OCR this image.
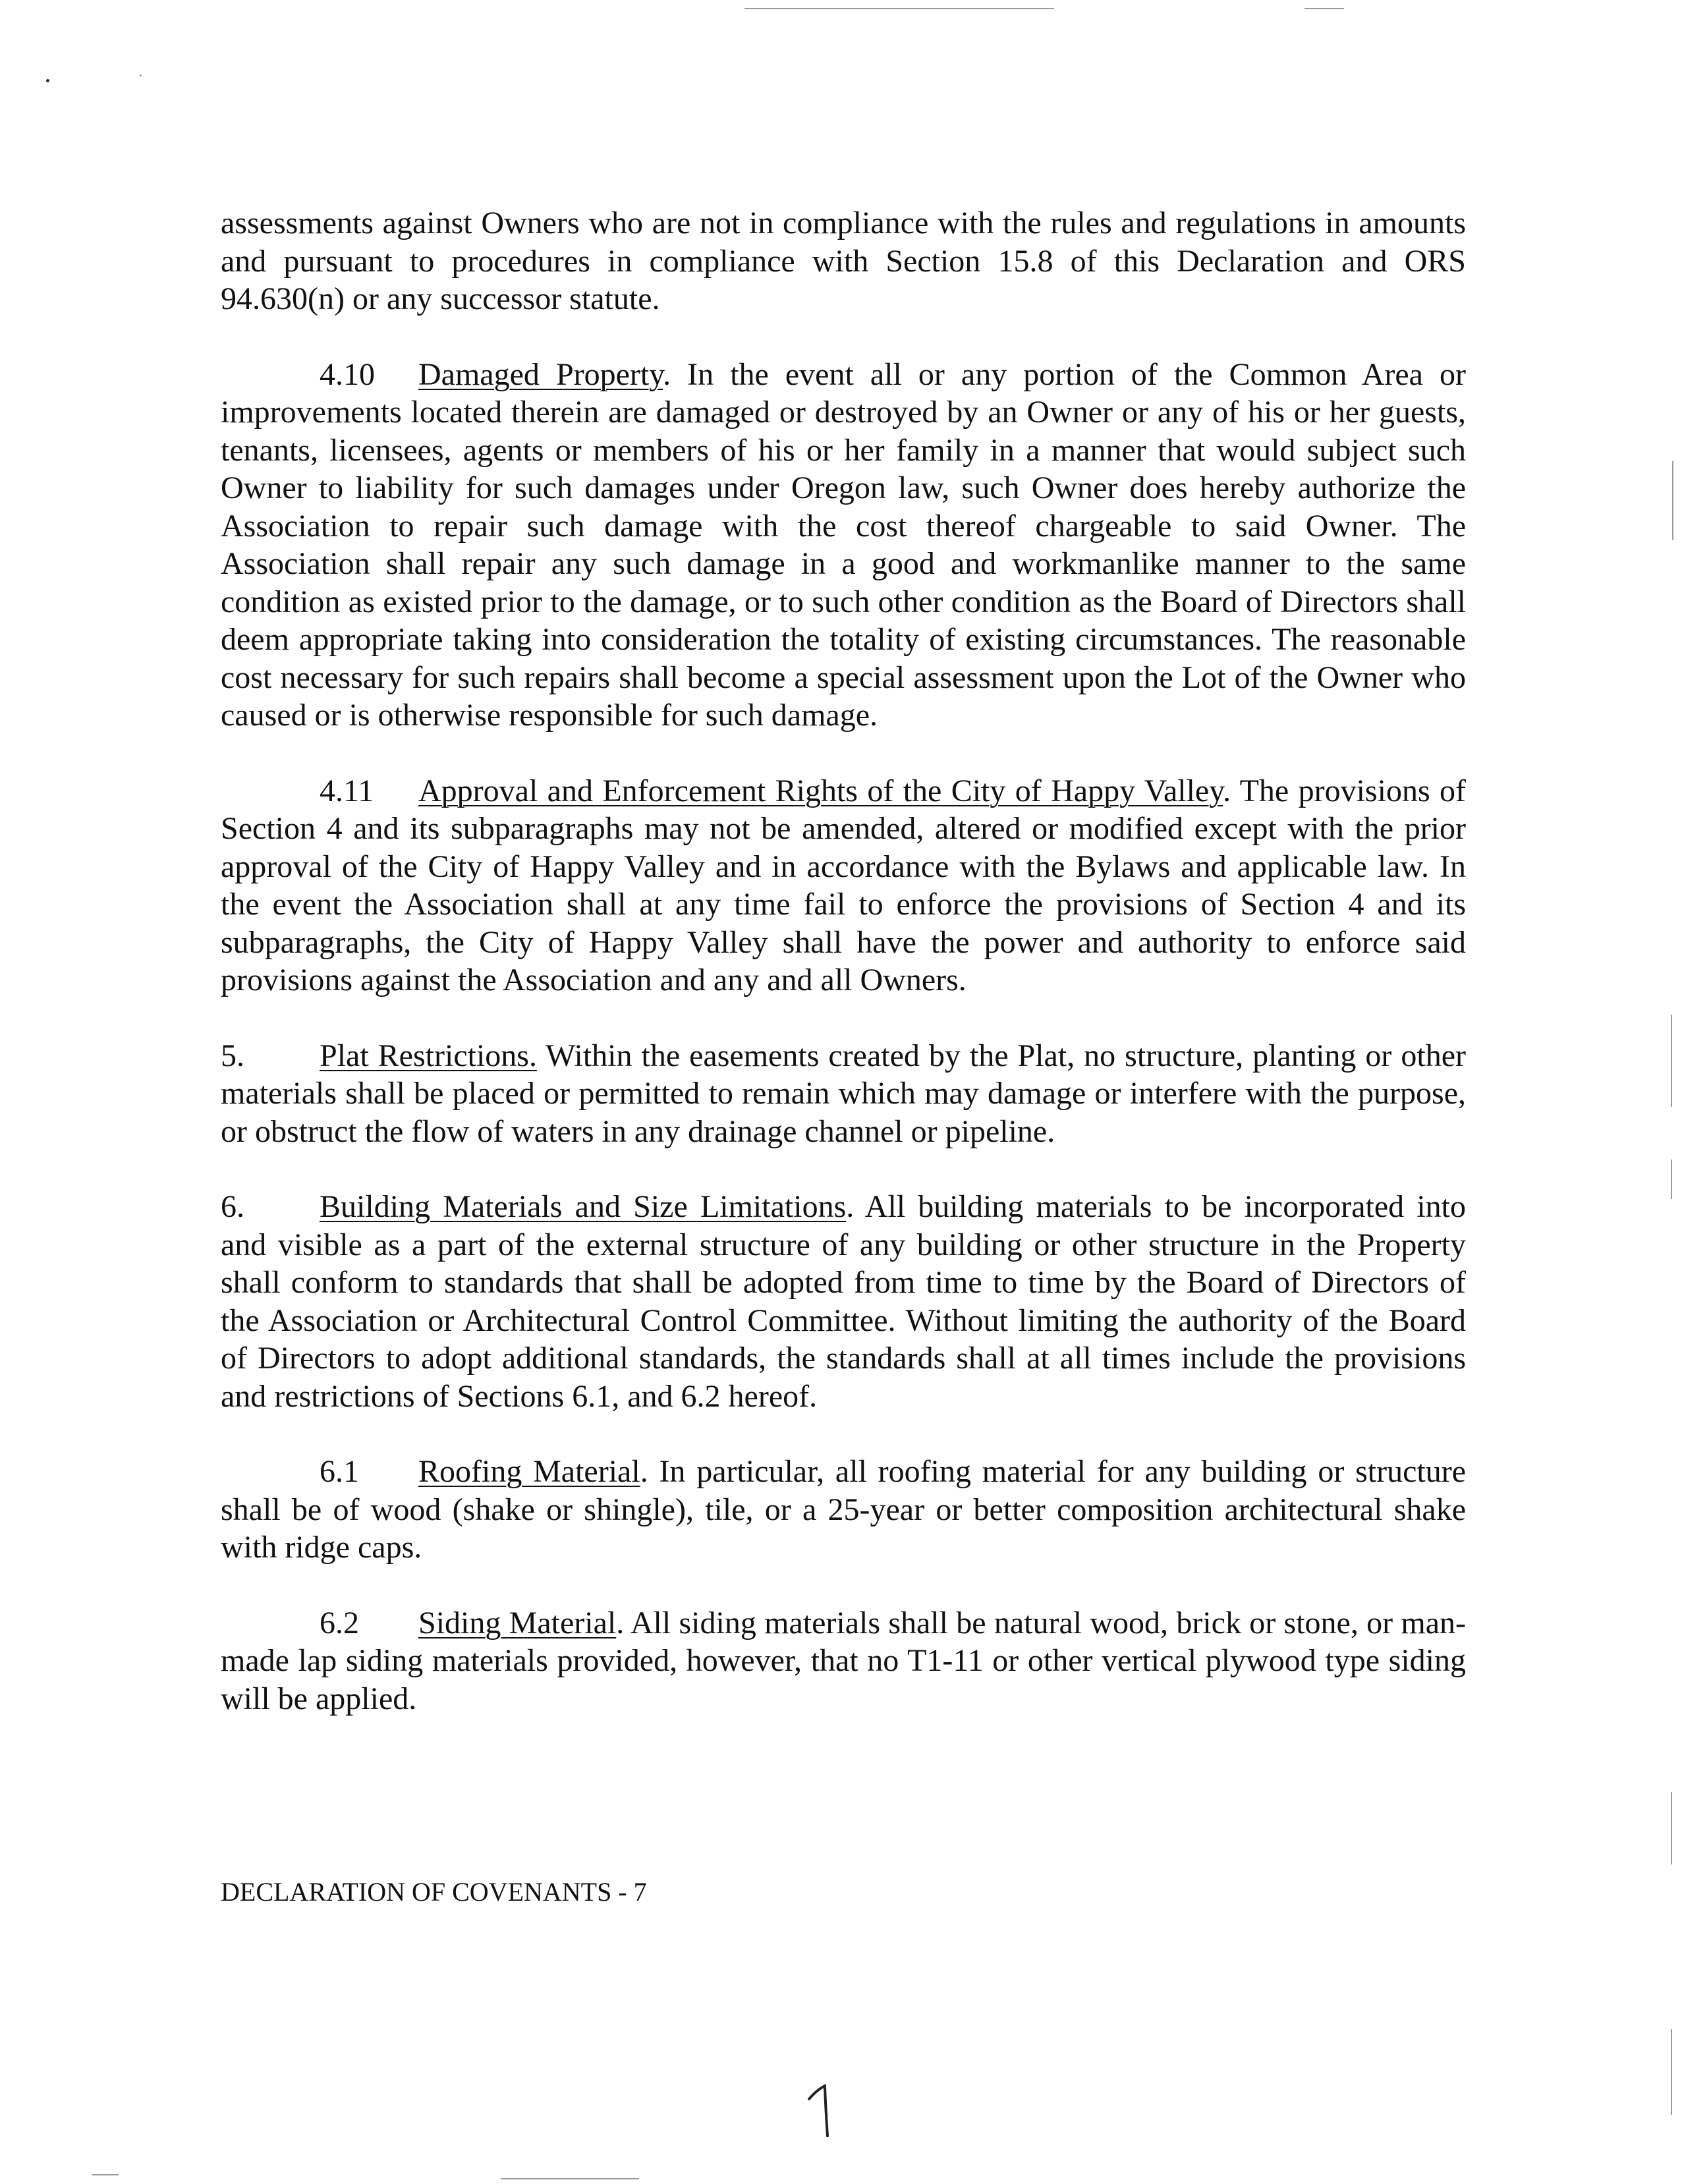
assessments against Owners who are not in compliance with the rules and regulations in amounts and pursuant to procedures in compliance with Section 15.8 of this Declaration and ORS 94.630(n) or any successor statute.

4.10 Damaged Property. In the event all or any portion of the Common Area or improvements located therein are damaged or destroyed by an Owner or any of his or her guests, tenants, licensees, agents or members of his or her family in a manner that would subject such Owner to liability for such damages under Oregon law, such Owner does hereby authorize the Association to repair such damage with the cost thereof chargeable to said Owner. The Association shall repair any such damage in a good and workmanlike manner to the same condition as existed prior to the damage, or to such other condition as the Board of Directors shall deem appropriate taking into consideration the totality of existing circumstances. The reasonable cost necessary for such repairs shall become a special assessment upon the Lot of the Owner who caused or is otherwise responsible for such damage.

4.11 Approval and Enforcement Rights of the City of Happy Valley. The provisions of Section 4 and its subparagraphs may not be amended, altered or modified except with the prior approval of the City of Happy Valley and in accordance with the Bylaws and applicable law. In the event the Association shall at any time fail to enforce the provisions of Section 4 and its subparagraphs, the City of Happy Valley shall have the power and authority to enforce said provisions against the Association and any and all Owners.

5. Plat Restrictions. Within the easements created by the Plat, no structure, planting or other materials shall be placed or permitted to remain which may damage or interfere with the purpose, or obstruct the flow of waters in any drainage channel or pipeline.

6. Building Materials and Size Limitations. All building materials to be incorporated into and visible as a part of the external structure of any building or other structure in the Property shall conform to standards that shall be adopted from time to time by the Board of Directors of the Association or Architectural Control Committee. Without limiting the authority of the Board of Directors to adopt additional standards, the standards shall at all times include the provisions and restrictions of Sections 6.1, and 6.2 hereof.

6.1 Roofing Material. In particular, all roofing material for any building or structure shall be of wood (shake or shingle), tile, or a 25-year or better composition architectural shake with ridge caps.

6.2 Siding Material. All siding materials shall be natural wood, brick or stone, or man-made lap siding materials provided, however, that no T1-11 or other vertical plywood type siding will be applied.

DECLARATION OF COVENANTS - 7
